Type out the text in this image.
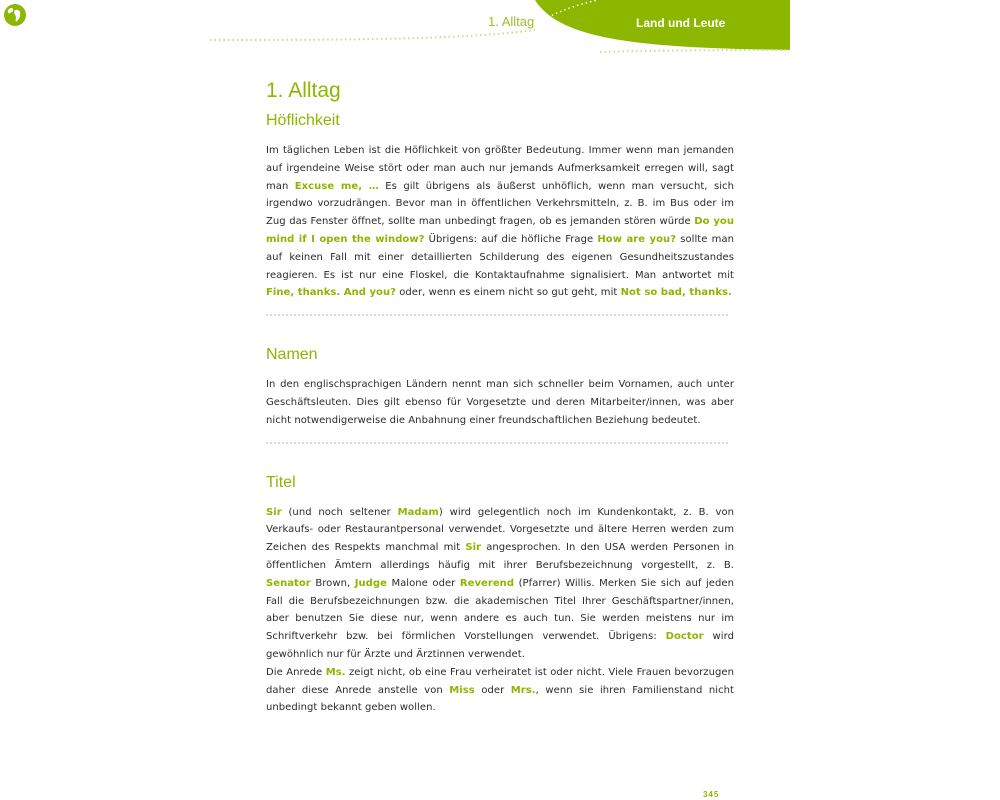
1. Alltag	Land und Leute
1. Alltag
Höflichkeit

Im täglichen Leben ist die Höflichkeit von größter Bedeutung. Immer wenn man jemanden auf irgendeine Weise stört oder man auch nur jemands Aufmerksamkeit erregen will, sagt man Excuse me, … Es gilt übrigens als äußerst unhöflich, wenn man versucht, sich irgendwo vorzudrängen. Bevor man in öffentlichen Verkehrsmitteln, z. B. im Bus oder im Zug das Fenster öffnet, sollte man unbedingt fragen, ob es jemanden stören würde Do you mind if I open the window? Übrigens: auf die höfliche Frage How are you? sollte man auf keinen Fall mit einer detaillierten Schilderung des eigenen Gesundheitszustandes reagieren. Es ist nur eine Floskel, die Kontaktaufnahme signalisiert. Man antwortet mit Fine, thanks. And you? oder, wenn es einem nicht so gut geht, mit Not so bad, thanks.

Namen

In den englischsprachigen Ländern nennt man sich schneller beim Vornamen, auch unter Geschäftsleuten. Dies gilt ebenso für Vorgesetzte und deren Mitarbeiter/innen, was aber nicht notwendigerweise die Anbahnung einer freundschaftlichen Beziehung bedeutet.

Titel

Sir (und noch seltener Madam) wird gelegentlich noch im Kundenkontakt, z. B. von Verkaufs- oder Restaurantpersonal verwendet. Vorgesetzte und ältere Herren werden zum Zeichen des Respekts manchmal mit Sir angesprochen. In den USA werden Personen in öffentlichen Ämtern allerdings häufig mit ihrer Berufsbezeichnung vorgestellt, z. B. Senator Brown, Judge Malone oder Reverend (Pfarrer) Willis. Merken Sie sich auf jeden Fall die Berufsbezeichnungen bzw. die akademischen Titel Ihrer Geschäftspartner/innen, aber benutzen Sie diese nur, wenn andere es auch tun. Sie werden meistens nur im Schriftverkehr bzw. bei förmlichen Vorstellungen verwendet. Übrigens: Doctor wird gewöhnlich nur für Ärzte und Ärztinnen verwendet.
Die Anrede Ms. zeigt nicht, ob eine Frau verheiratet ist oder nicht. Viele Frauen bevorzugen daher diese Anrede anstelle von Miss oder Mrs., wenn sie ihren Familienstand nicht unbedingt bekannt geben wollen.

345
